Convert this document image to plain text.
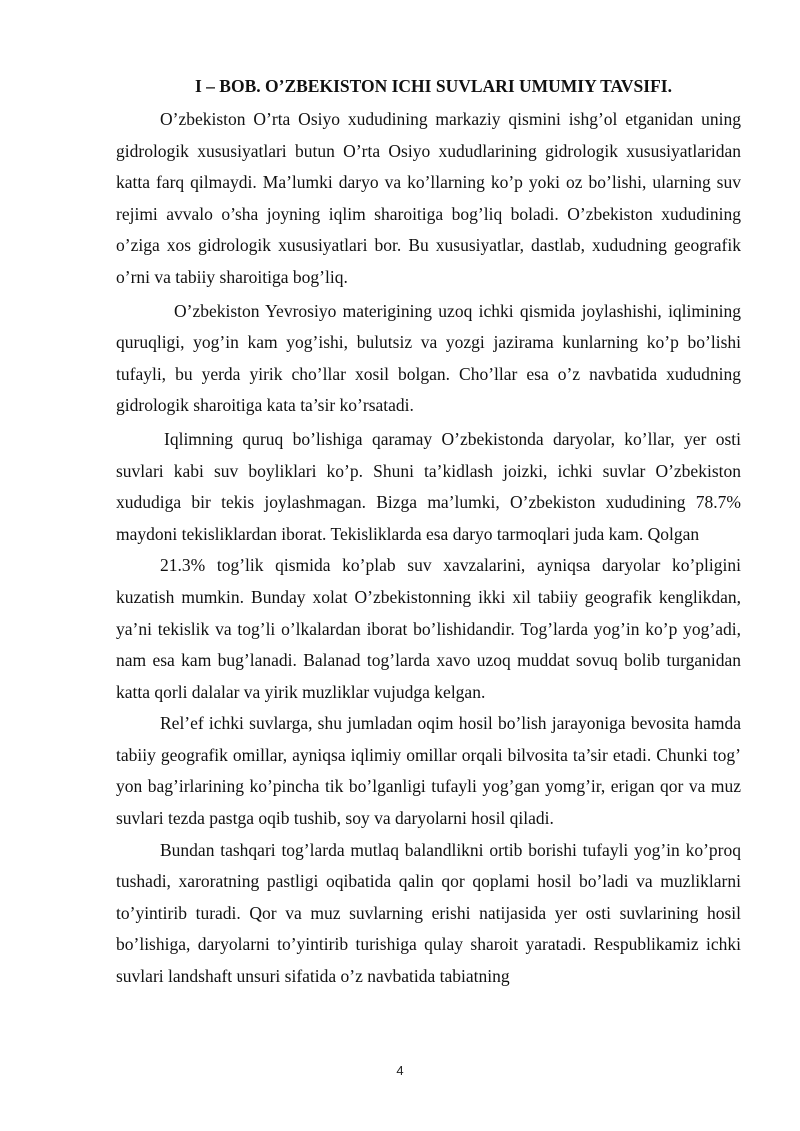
I – BOB. O’ZBEKISTON ICHI SUVLARI UMUMIY TAVSIFI.

O’zbekiston O’rta Osiyo xududining markaziy qismini ishg’ol etganidan uning gidrologik xususiyatlari butun O’rta Osiyo xududlarining gidrologik xususiyatlaridan katta farq qilmaydi. Ma’lumki daryo va ko’llarning ko’p yoki oz bo’lishi, ularning suv rejimi avvalo o’sha joyning iqlim sharoitiga bog’liq boladi. O’zbekiston xududining o’ziga xos gidrologik xususiyatlari bor. Bu xususiyatlar, dastlab, xududning geografik o’rni va tabiiy sharoitiga bog’liq.

O’zbekiston Yevrosiyo materigining uzoq ichki qismida joylashishi, iqlimining quruqligi, yog’in kam yog’ishi, bulutsiz va yozgi jazirama kunlarning ko’p bo’lishi tufayli, bu yerda yirik cho’llar xosil bolgan. Cho’llar esa o’z navbatida xududning gidrologik sharoitiga kata ta’sir ko’rsatadi.

Iqlimning quruq bo’lishiga qaramay O’zbekistonda daryolar, ko’llar, yer osti suvlari kabi suv boyliklari ko’p. Shuni ta’kidlash joizki, ichki suvlar O’zbekiston xududiga bir tekis joylashmagan. Bizga ma’lumki, O’zbekiston xududining 78.7% maydoni tekisliklardan iborat. Tekisliklarda esa daryo tarmoqlari juda kam. Qolgan

21.3% tog’lik qismida ko’plab suv xavzalarini, ayniqsa daryolar ko’pligini kuzatish mumkin. Bunday xolat O’zbekistonning ikki xil tabiiy geografik kenglikdan, ya’ni tekislik va tog’li o’lkalardan iborat bo’lishidandir. Tog’larda yog’in ko’p yog’adi, nam esa kam bug’lanadi. Balanad tog’larda xavo uzoq muddat sovuq bolib turganidan katta qorli dalalar va yirik muzliklar vujudga kelgan.

Rel’ef ichki suvlarga, shu jumladan oqim hosil bo’lish jarayoniga bevosita hamda tabiiy geografik omillar, ayniqsa iqlimiy omillar orqali bilvosita ta’sir etadi. Chunki tog’ yon bag’irlarining ko’pincha tik bo’lganligi tufayli yog’gan yomg’ir, erigan qor va muz suvlari tezda pastga oqib tushib, soy va daryolarni hosil qiladi.

Bundan tashqari tog’larda mutlaq balandlikni ortib borishi tufayli yog’in ko’proq tushadi, xaroratning pastligi oqibatida qalin qor qoplami hosil bo’ladi va muzliklarni to’yintirib turadi. Qor va muz suvlarning erishi natijasida yer osti suvlarining hosil bo’lishiga, daryolarni to’yintirib turishiga qulay sharoit yaratadi. Respublikamiz ichki suvlari landshaft unsuri sifatida o’z navbatida tabiatning

4
